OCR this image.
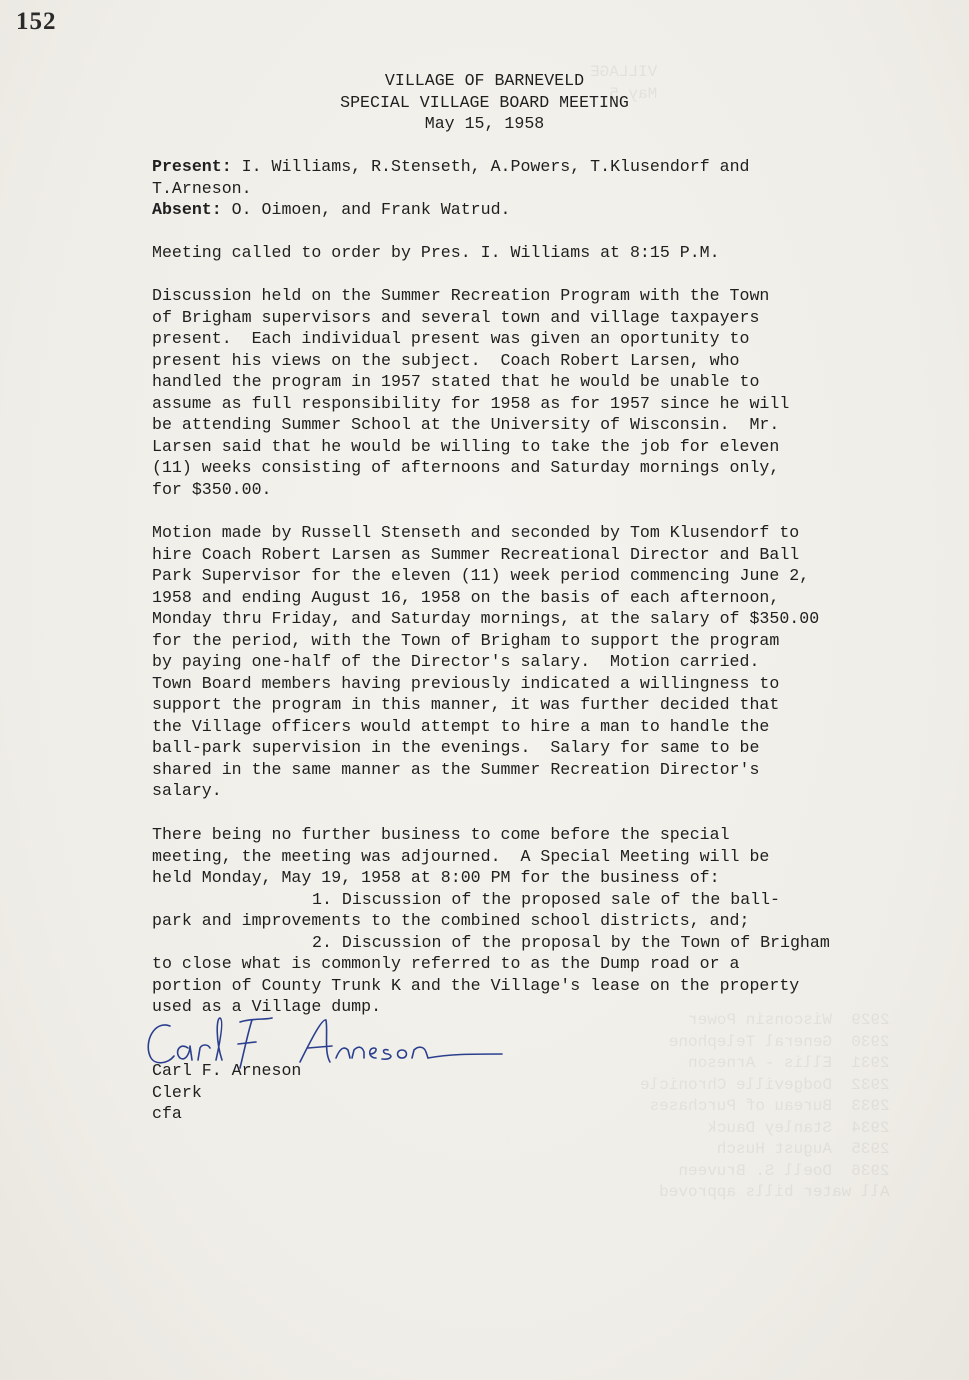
152
VILLAGE
May 5
VILLAGE OF BARNEVELD
SPECIAL VILLAGE BOARD MEETING
May 15, 1958
Present: I. Williams, R.Stenseth, A.Powers, T.Klusendorf and
T.Arneson.
Absent: O. Oimoen, and Frank Watrud.
Meeting called to order by Pres. I. Williams at 8:15 P.M.
Discussion held on the Summer Recreation Program with the Town
of Brigham supervisors and several town and village taxpayers
present.  Each individual present was given an oportunity to
present his views on the subject.  Coach Robert Larsen, who
handled the program in 1957 stated that he would be unable to
assume as full responsibility for 1958 as for 1957 since he will
be attending Summer School at the University of Wisconsin.  Mr.
Larsen said that he would be willing to take the job for eleven
(11) weeks consisting of afternoons and Saturday mornings only,
for $350.00.
Motion made by Russell Stenseth and seconded by Tom Klusendorf to
hire Coach Robert Larsen as Summer Recreational Director and Ball
Park Supervisor for the eleven (11) week period commencing June 2,
1958 and ending August 16, 1958 on the basis of each afternoon,
Monday thru Friday, and Saturday mornings, at the salary of $350.00
for the period, with the Town of Brigham to support the program
by paying one-half of the Director's salary.  Motion carried.
Town Board members having previously indicated a willingness to
support the program in this manner, it was further decided that
the Village officers would attempt to hire a man to handle the
ball-park supervision in the evenings.  Salary for same to be
shared in the same manner as the Summer Recreation Director's
salary.
There being no further business to come before the special
meeting, the meeting was adjourned.  A Special Meeting will be
held Monday, May 19, 1958 at 8:00 PM for the business of:
1. Discussion of the proposed sale of the ball-
park and improvements to the combined school districts, and;
2. Discussion of the proposal by the Town of Brigham
to close what is commonly referred to as the Dump road or a
portion of County Trunk K and the Village's lease on the property
used as a Village dump.
Carl F. Arneson
Clerk
cfa
2929  Wisconsin Power
2930  General Telephone
2931  Ellis - Arneson
2932  Dodgeville Chronicle
2933  Bureau of Purchases
2934  Stanley Dauck
2935  August Husch
2936  Doell S. Bruveen
All water bills approved
